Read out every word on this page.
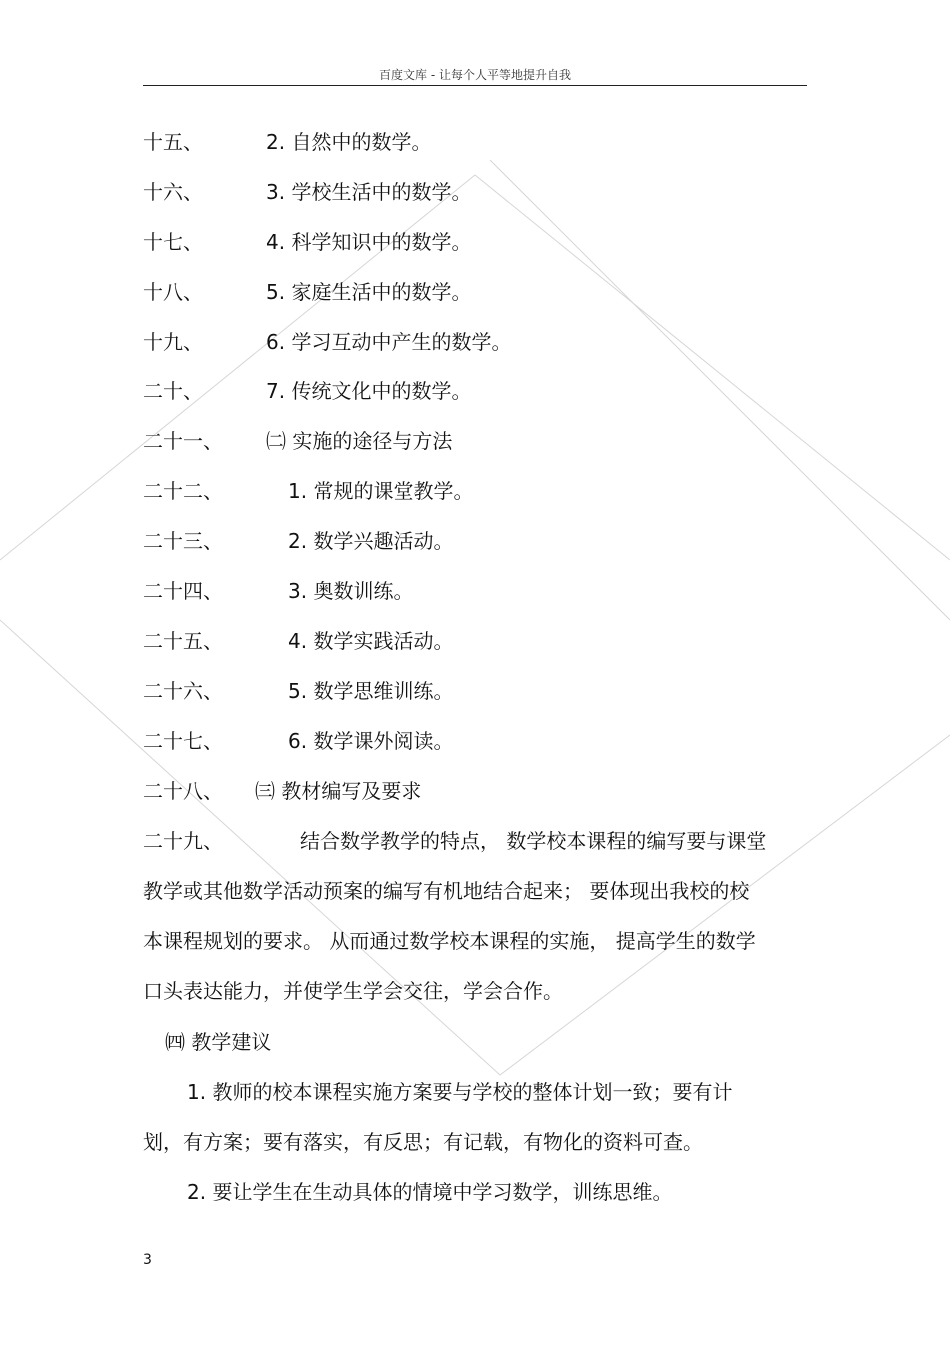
百度文库 - 让每个人平等地提升自我
十五、	2. 自然中的数学。
十六、	3. 学校生活中的数学。
十七、	4. 科学知识中的数学。
十八、	5. 家庭生活中的数学。
十九、	6. 学习互动中产生的数学。
二十、	7. 传统文化中的数学。
二十一、 ㈡ 实施的途径与方法
二十二、	1. 常规的课堂教学。
二十三、	2. 数学兴趣活动。
二十四、	3. 奥数训练。
二十五、	4. 数学实践活动。
二十六、	5. 数学思维训练。
二十七、	6. 数学课外阅读。
二十八、 ㈢ 教材编写及要求
二十九、	结合数学教学的特点， 数学校本课程的编写要与课堂
教学或其他数学活动预案的编写有机地结合起来； 要体现出我校的校
本课程规划的要求。 从而通过数学校本课程的实施， 提高学生的数学
口头表达能力，并使学生学会交往，学会合作。
㈣ 教学建议
1. 教师的校本课程实施方案要与学校的整体计划一致；要有计
划，有方案；要有落实，有反思；有记载，有物化的资料可查。
2. 要让学生在生动具体的情境中学习数学，训练思维。
3
